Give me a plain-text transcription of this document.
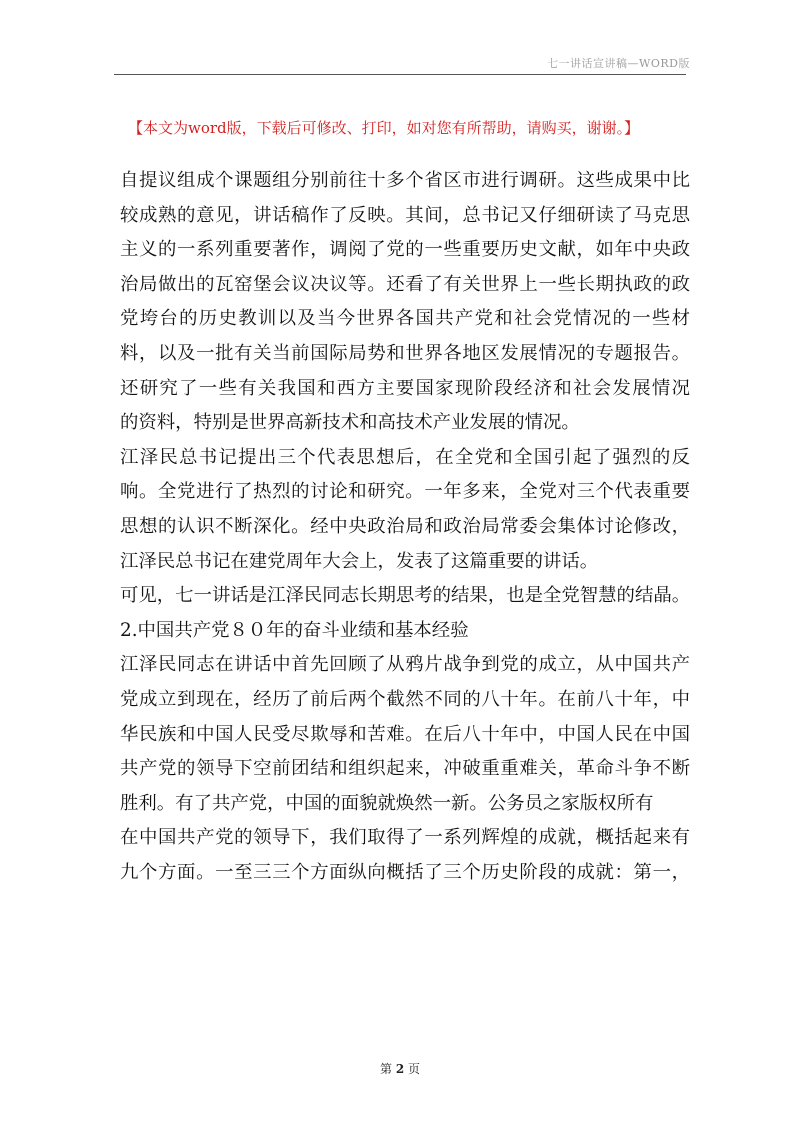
七一讲话宣讲稿—WORD版
【本文为word版，下载后可修改、打印，如对您有所帮助，请购买，谢谢。】
自提议组成个课题组分别前往十多个省区市进行调研。这些成果中比
较成熟的意见，讲话稿作了反映。其间，总书记又仔细研读了马克思
主义的一系列重要著作，调阅了党的一些重要历史文献，如年中央政
治局做出的瓦窑堡会议决议等。还看了有关世界上一些长期执政的政
党垮台的历史教训以及当今世界各国共产党和社会党情况的一些材
料，以及一批有关当前国际局势和世界各地区发展情况的专题报告。
还研究了一些有关我国和西方主要国家现阶段经济和社会发展情况
的资料，特别是世界高新技术和高技术产业发展的情况。
江泽民总书记提出三个代表思想后，在全党和全国引起了强烈的反
响。全党进行了热烈的讨论和研究。一年多来，全党对三个代表重要
思想的认识不断深化。经中央政治局和政治局常委会集体讨论修改，
江泽民总书记在建党周年大会上，发表了这篇重要的讲话。
可见，七一讲话是江泽民同志长期思考的结果，也是全党智慧的结晶。
2.中国共产党８０年的奋斗业绩和基本经验
江泽民同志在讲话中首先回顾了从鸦片战争到党的成立，从中国共产
党成立到现在，经历了前后两个截然不同的八十年。在前八十年，中
华民族和中国人民受尽欺辱和苦难。在后八十年中，中国人民在中国
共产党的领导下空前团结和组织起来，冲破重重难关，革命斗争不断
胜利。有了共产党，中国的面貌就焕然一新。公务员之家版权所有
在中国共产党的领导下，我们取得了一系列辉煌的成就，概括起来有
九个方面。一至三三个方面纵向概括了三个历史阶段的成就：第一，
第 2 页
